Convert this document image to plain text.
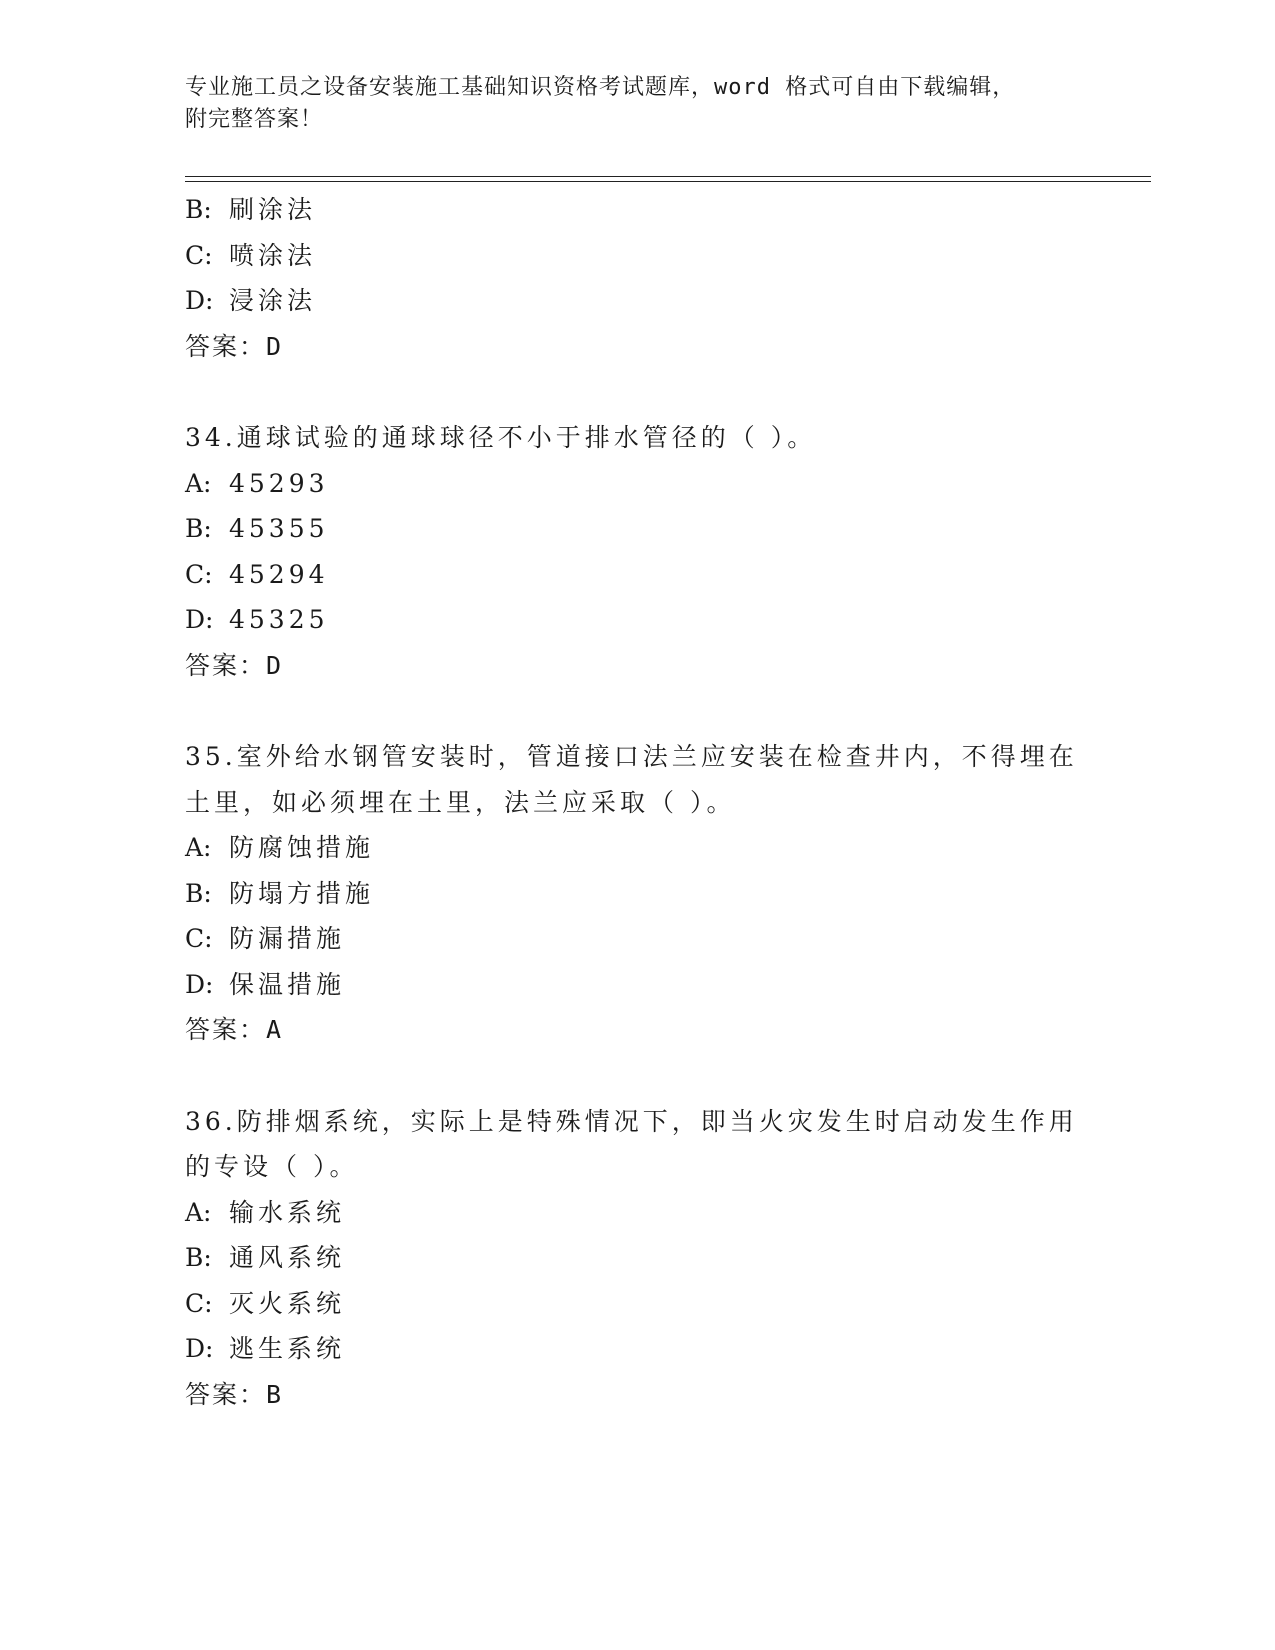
专业施工员之设备安装施工基础知识资格考试题库，word 格式可自由下载编辑，
附完整答案！
B: 刷涂法
C: 喷涂法
D: 浸涂法
答案：D
34.通球试验的通球球径不小于排水管径的（ ）。
A: 45293
B: 45355
C: 45294
D: 45325
答案：D
35.室外给水钢管安装时，管道接口法兰应安装在检查井内，不得埋在
土里，如必须埋在土里，法兰应采取（ ）。
A: 防腐蚀措施
B: 防塌方措施
C: 防漏措施
D: 保温措施
答案：A
36.防排烟系统，实际上是特殊情况下，即当火灾发生时启动发生作用
的专设（ ）。
A: 输水系统
B: 通风系统
C: 灭火系统
D: 逃生系统
答案：B
